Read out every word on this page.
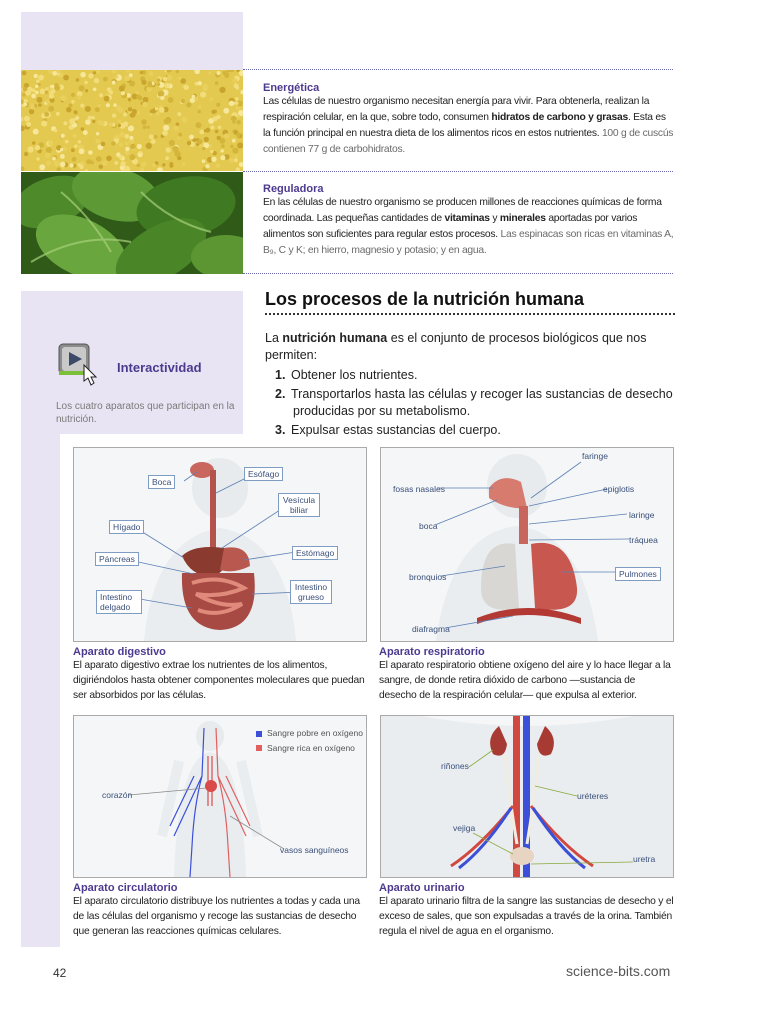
Energética
Las células de nuestro organismo necesitan energía para vivir. Para obtenerla, realizan la respiración celular, en la que, sobre todo, consumen hidratos de carbono y grasas. Esta es la función principal en nuestra dieta de los alimentos ricos en estos nutrientes. 100 g de cuscús contienen 77 g de carbohidratos.
Reguladora
En las células de nuestro organismo se producen millones de reacciones químicas de forma coordinada. Las pequeñas cantidades de vitaminas y minerales aportadas por varios alimentos son suficientes para regular estos procesos. Las espinacas son ricas en vitaminas A, B₉, C y K; en hierro, magnesio y potasio; y en agua.
Los procesos de la nutrición humana
La nutrición humana es el conjunto de procesos biológicos que nos permiten:
1. Obtener los nutrientes.
2. Transportarlos hasta las células y recoger las sustancias de desecho producidas por su metabolismo.
3. Expulsar estas sustancias del cuerpo.
Interactividad
Los cuatro aparatos que participan en la nutrición.
Boca
Esófago
Vesícula biliar
Hígado
Estómago
Páncreas
Intestino grueso
Intestino delgado
Aparato digestivo
El aparato digestivo extrae los nutrientes de los alimentos, digiriéndolos hasta obtener componentes moleculares que puedan ser absorbidos por las células.
faringe
fosas nasales	epiglotis
boca
laringe
tráquea
Pulmones
bronquios
diafragma
Aparato respiratorio
El aparato respiratorio obtiene oxígeno del aire y lo hace llegar a la sangre, de donde retira dióxido de carbono —sustancia de desecho de la respiración celular— que expulsa al exterior.
Sangre pobre en oxígeno
Sangre rica en oxígeno
corazón
vasos sanguíneos
Aparato circulatorio
El aparato circulatorio distribuye los nutrientes a todas y cada una de las células del organismo y recoge las sustancias de desecho que generan las reacciones químicas celulares.
riñones
uréteres
vejiga
uretra
Aparato urinario
El aparato urinario filtra de la sangre las sustancias de desecho y el exceso de sales, que son expulsadas a través de la orina. También regula el nivel de agua en el organismo.
42	science-bits.com
